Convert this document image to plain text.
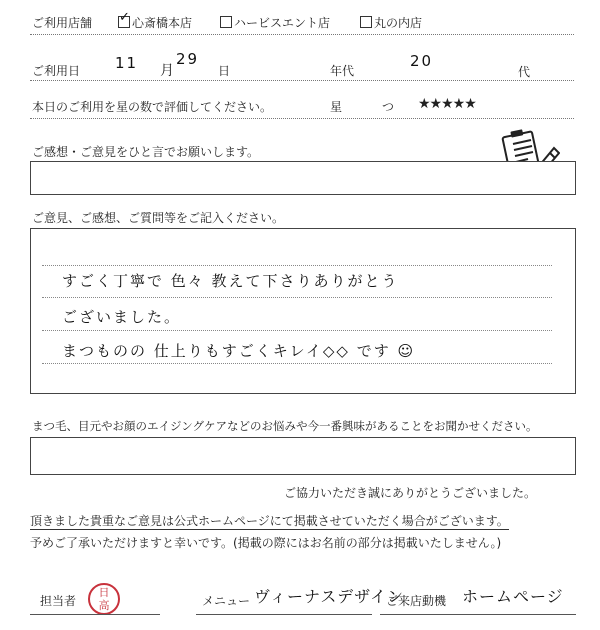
ご利用店舗
✓	心斎橋本店	ハービスエント店	丸の内店
ご利用日 11 月
29
日	年代
20
代
本日のご利用を星の数で評価してください。	星	つ ★★★★★
ご感想・ご意見をひと言でお願いします。
ご意見、ご感想、ご質問等をご記入ください。
すごく丁寧で 色々 教えて下さりありがとう
ございました。
まつものの 仕上りもすごくキレイ◇◇ です ☺
まつ毛、目元やお顔のエイジングケアなどのお悩みや今一番興味があることをお聞かせください。
ご協力いただき誠にありがとうございました。
頂きました貴重なご意見は公式ホームページにて掲載させていただく場合がございます。
予めご了承いただけますと幸いです。(掲載の際にはお名前の部分は掲載いたしません。)
担当者
日高	メニュー ヴィーナスデザイン
ご来店動機 ホームページ
